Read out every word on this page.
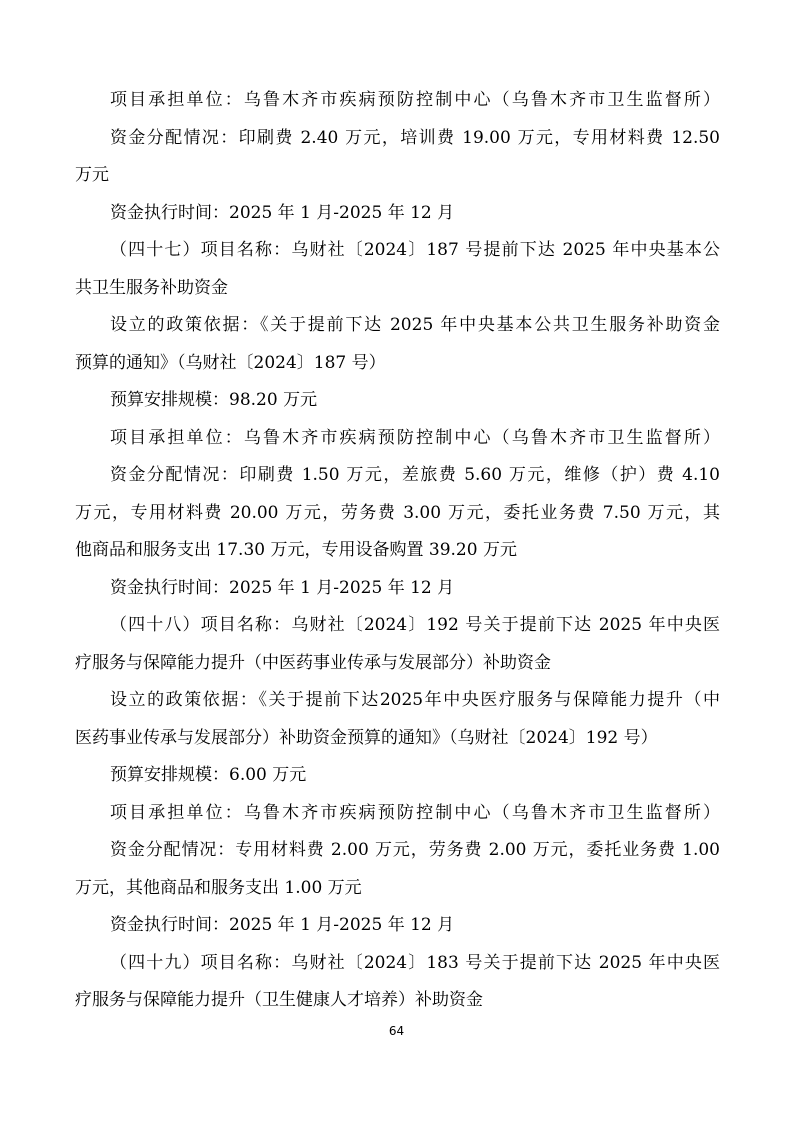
项目承担单位：乌鲁木齐市疾病预防控制中心（乌鲁木齐市卫生监督所）
资金分配情况：印刷费 2.40 万元，培训费 19.00 万元，专用材料费 12.50
万元
资金执行时间：2025 年 1 月-2025 年 12 月
（四十七）项目名称：乌财社〔2024〕187 号提前下达 2025 年中央基本公
共卫生服务补助资金
设立的政策依据：《关于提前下达 2025 年中央基本公共卫生服务补助资金
预算的通知》（乌财社〔2024〕187 号）
预算安排规模：98.20 万元
项目承担单位：乌鲁木齐市疾病预防控制中心（乌鲁木齐市卫生监督所）
资金分配情况：印刷费 1.50 万元，差旅费 5.60 万元，维修（护）费 4.10
万元，专用材料费 20.00 万元，劳务费 3.00 万元，委托业务费 7.50 万元，其
他商品和服务支出 17.30 万元，专用设备购置 39.20 万元
资金执行时间：2025 年 1 月-2025 年 12 月
（四十八）项目名称：乌财社〔2024〕192 号关于提前下达 2025 年中央医
疗服务与保障能力提升（中医药事业传承与发展部分）补助资金
设立的政策依据：《关于提前下达2025年中央医疗服务与保障能力提升（中
医药事业传承与发展部分）补助资金预算的通知》（乌财社〔2024〕192 号）
预算安排规模：6.00 万元
项目承担单位：乌鲁木齐市疾病预防控制中心（乌鲁木齐市卫生监督所）
资金分配情况：专用材料费 2.00 万元，劳务费 2.00 万元，委托业务费 1.00
万元，其他商品和服务支出 1.00 万元
资金执行时间：2025 年 1 月-2025 年 12 月
（四十九）项目名称：乌财社〔2024〕183 号关于提前下达 2025 年中央医
疗服务与保障能力提升（卫生健康人才培养）补助资金
64
